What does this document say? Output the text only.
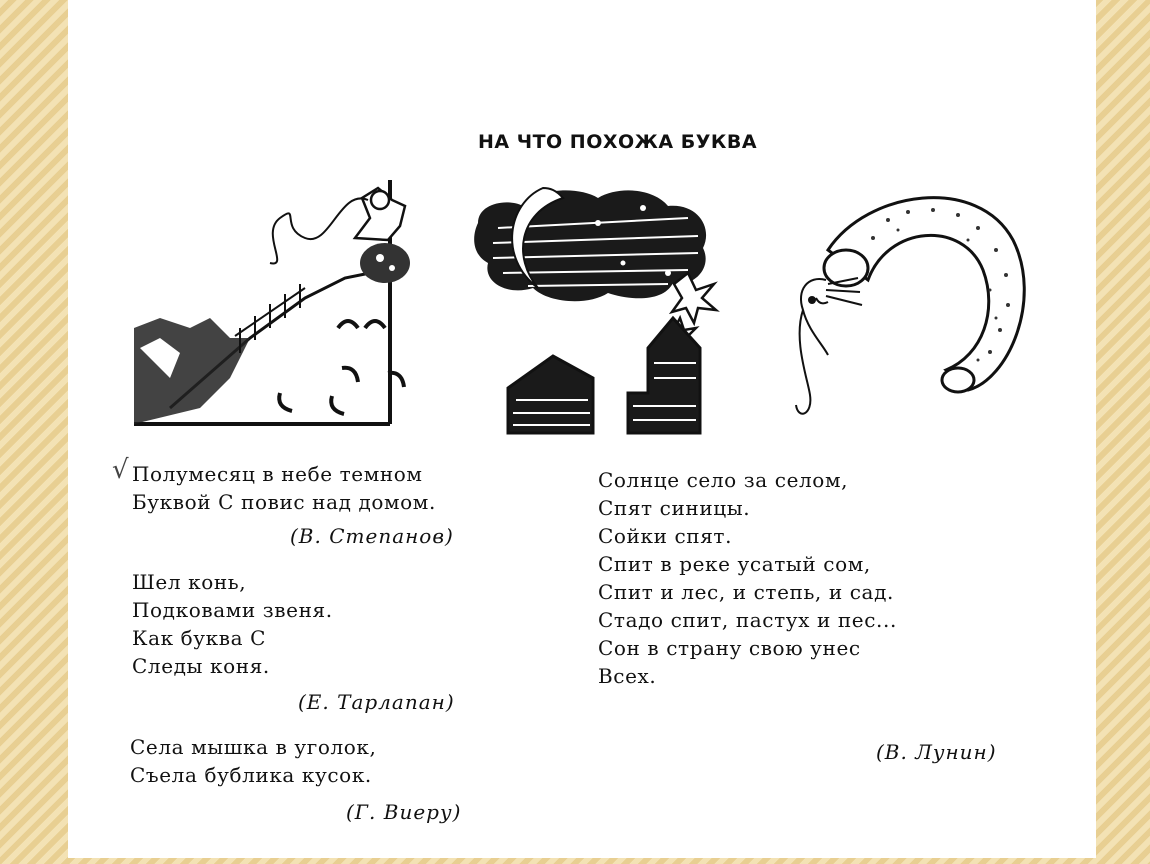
НА ЧТО ПОХОЖА БУКВА
√ Полумесяц в небе темном
Буквой С повис над домом.
(В. Степанов)
Шел конь,
Подковами звеня.
Как буква С
Следы коня.
(Е. Тарлапан)
Села мышка в уголок,
Съела бублика кусок.
(Г. Виеру)
Солнце село за селом,
Спят синицы.
Сойки спят.
Спит в реке усатый сом,
Спит и лес, и степь, и сад.
Стадо спит, пастух и пес...
Сон в страну свою унес
Всех.
(В. Лунин)
